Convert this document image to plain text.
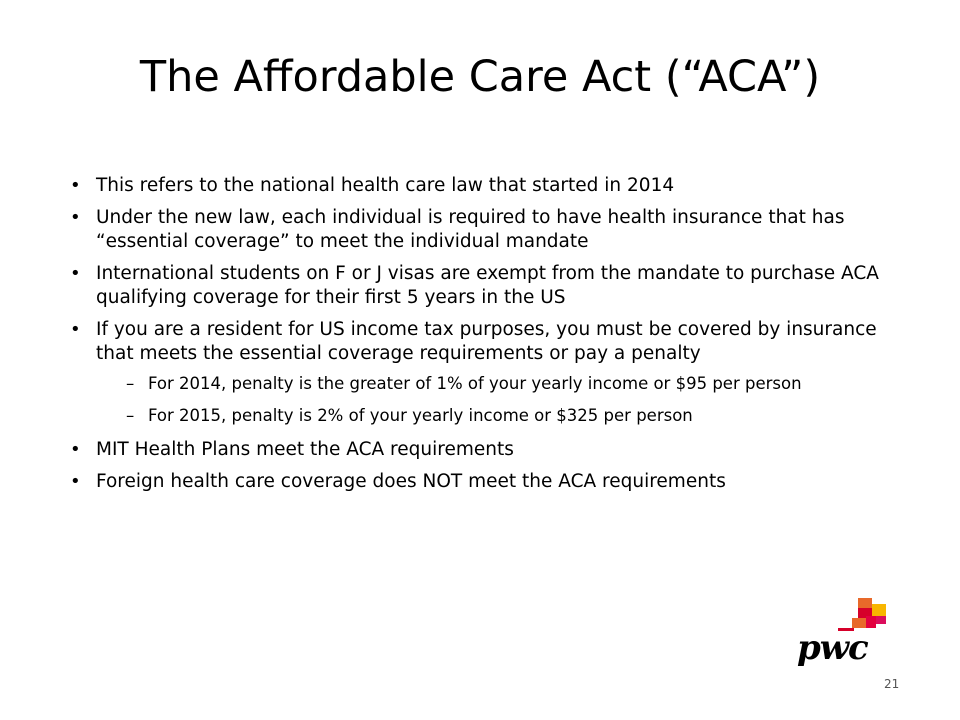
The Affordable Care Act (“ACA”)
• This refers to the national health care law that started in 2014
• Under the new law, each individual is required to have health insurance that has “essential coverage” to meet the individual mandate
• International students on F or J visas are exempt from the mandate to purchase ACA qualifying coverage for their first 5 years in the US
• If you are a resident for US income tax purposes, you must be covered by insurance that meets the essential coverage requirements or pay a penalty
– For 2014, penalty is the greater of 1% of your yearly income or $95 per person
– For 2015, penalty is 2% of your yearly income or $325 per person
• MIT Health Plans meet the ACA requirements
• Foreign health care coverage does NOT meet the ACA requirements
pwc
21
